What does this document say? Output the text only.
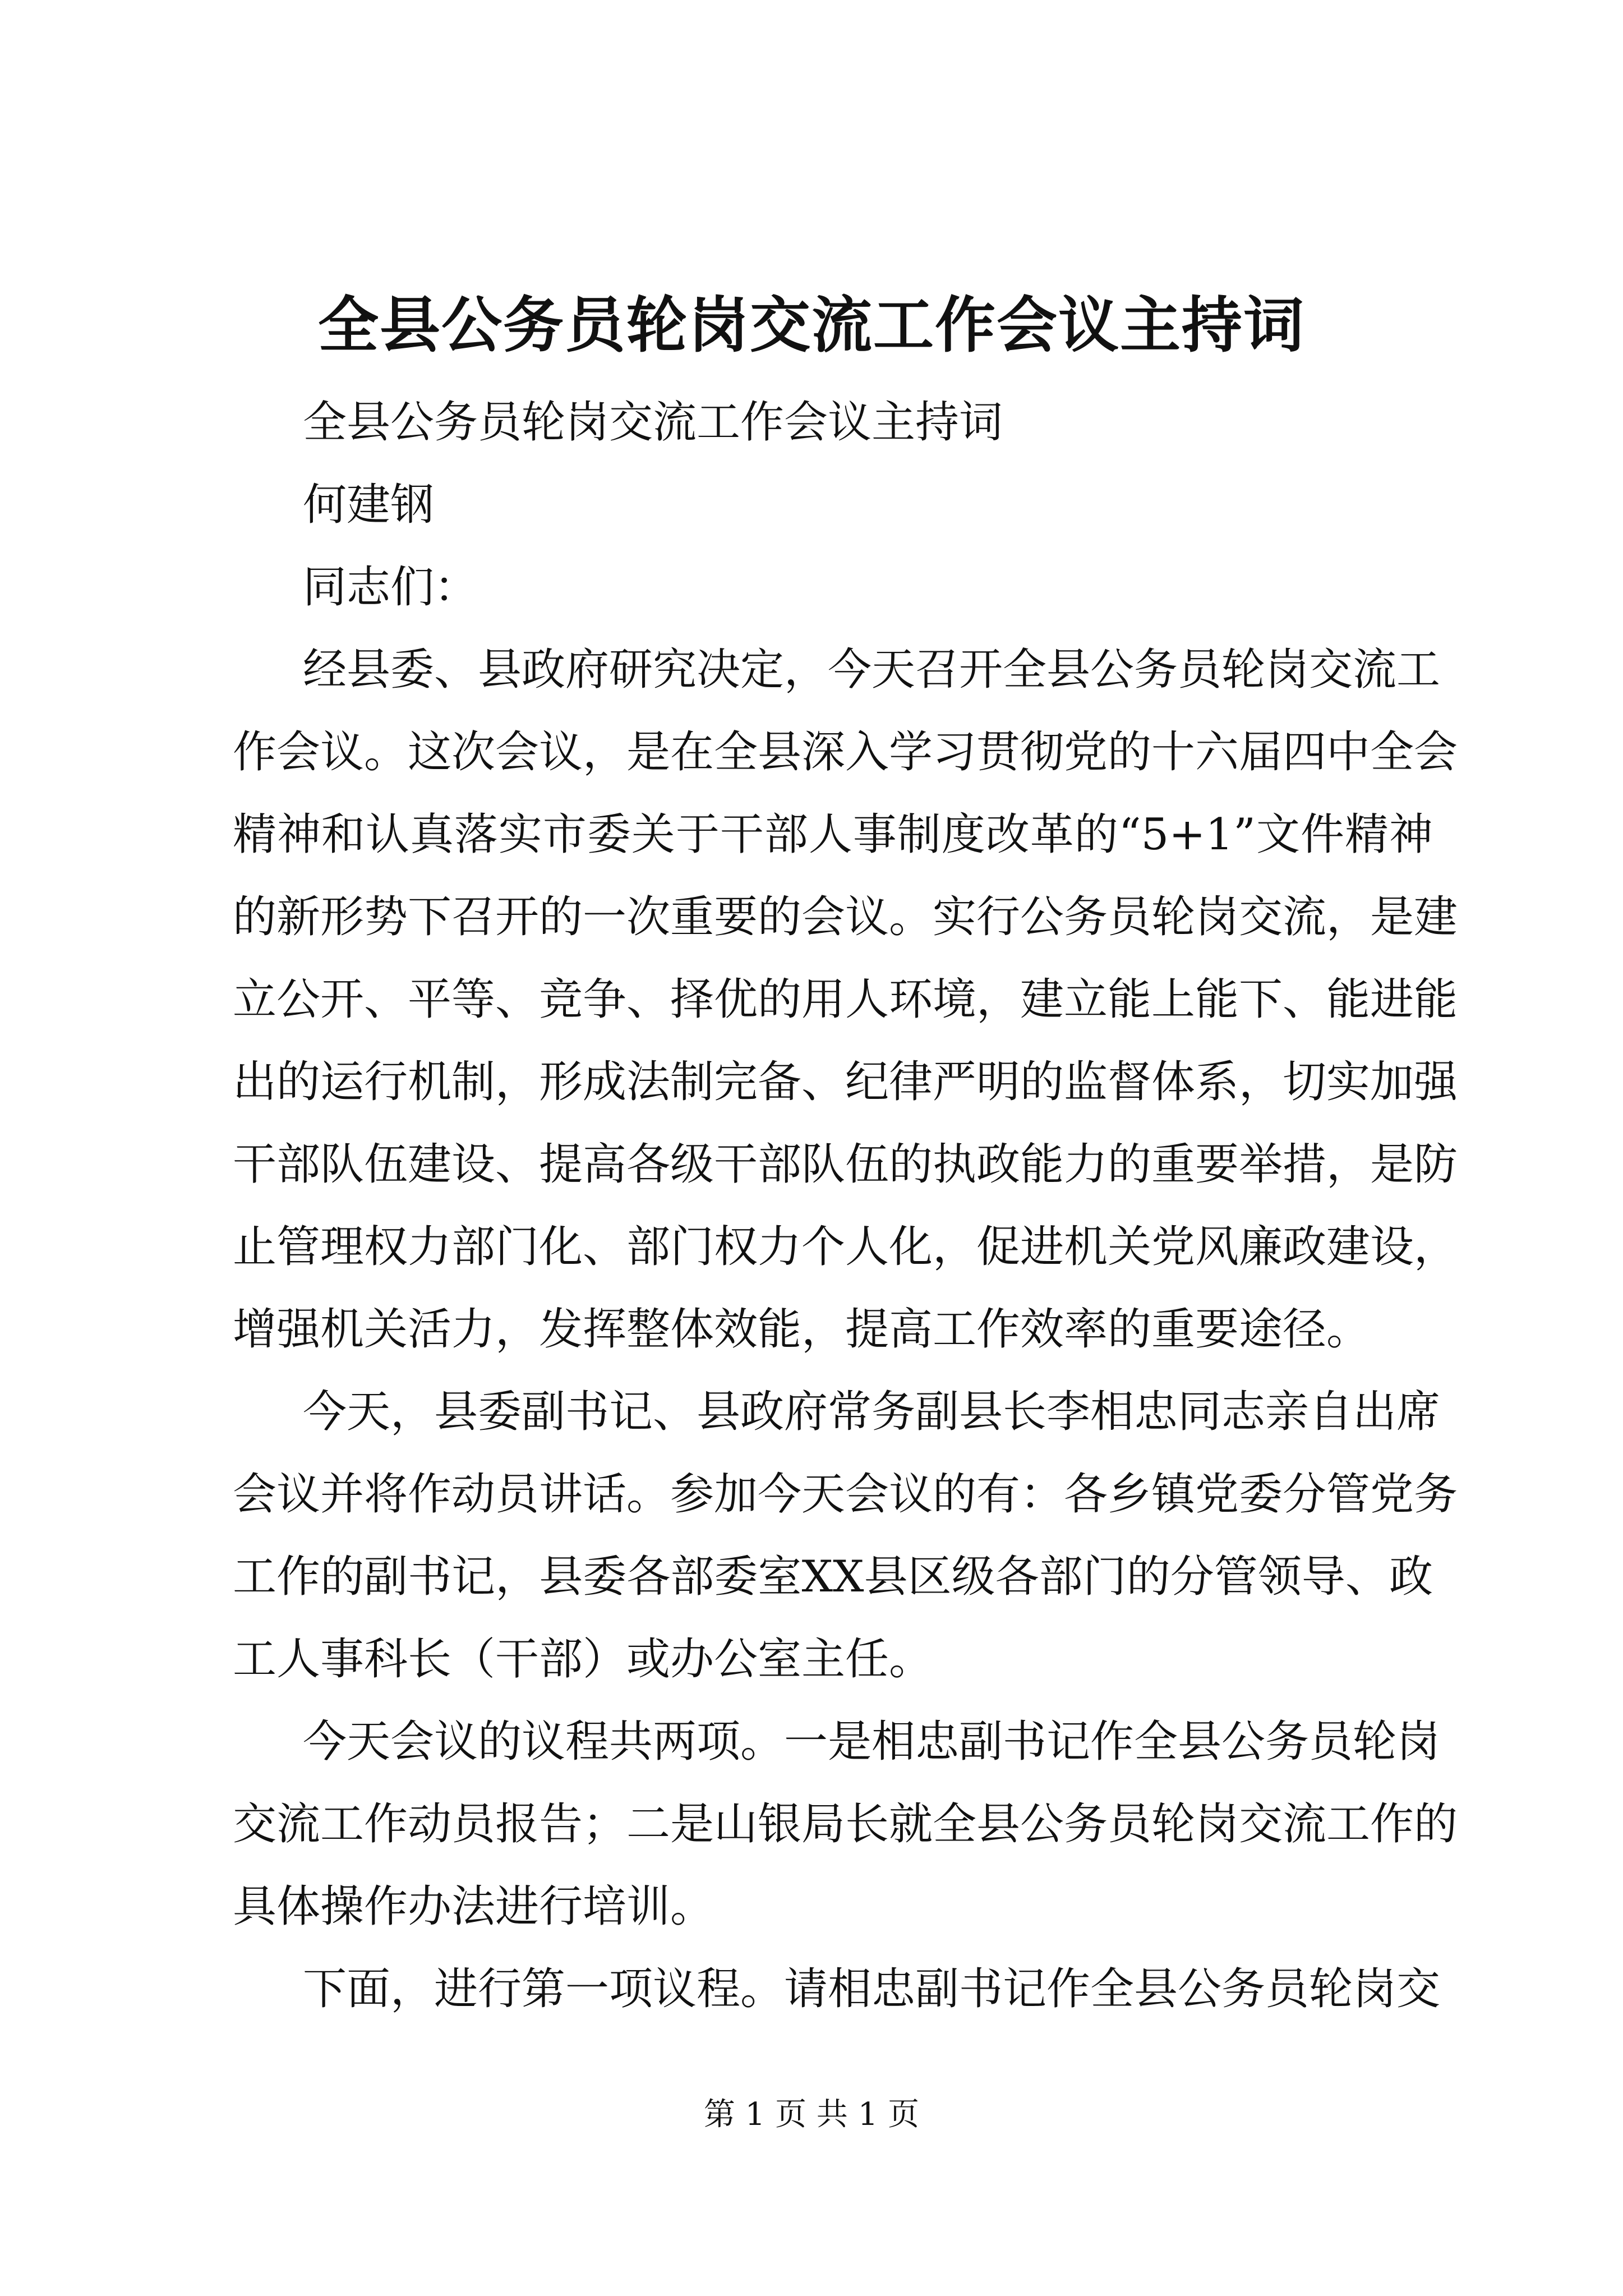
全县公务员轮岗交流工作会议主持词
全县公务员轮岗交流工作会议主持词
何建钢
同志们：
经县委、县政府研究决定，今天召开全县公务员轮岗交流工
作会议。这次会议，是在全县深入学习贯彻党的十六届四中全会
精神和认真落实市委关于干部人事制度改革的“5+1”文件精神
的新形势下召开的一次重要的会议。实行公务员轮岗交流，是建
立公开、平等、竞争、择优的用人环境，建立能上能下、能进能
出的运行机制，形成法制完备、纪律严明的监督体系，切实加强
干部队伍建设、提高各级干部队伍的执政能力的重要举措，是防
止管理权力部门化、部门权力个人化，促进机关党风廉政建设，
增强机关活力，发挥整体效能，提高工作效率的重要途径。
今天，县委副书记、县政府常务副县长李相忠同志亲自出席
会议并将作动员讲话。参加今天会议的有：各乡镇党委分管党务
工作的副书记，县委各部委室XX县区级各部门的分管领导、政
工人事科长（干部）或办公室主任。
今天会议的议程共两项。一是相忠副书记作全县公务员轮岗
交流工作动员报告；二是山银局长就全县公务员轮岗交流工作的
具体操作办法进行培训。
下面，进行第一项议程。请相忠副书记作全县公务员轮岗交
第 1 页 共 1 页
